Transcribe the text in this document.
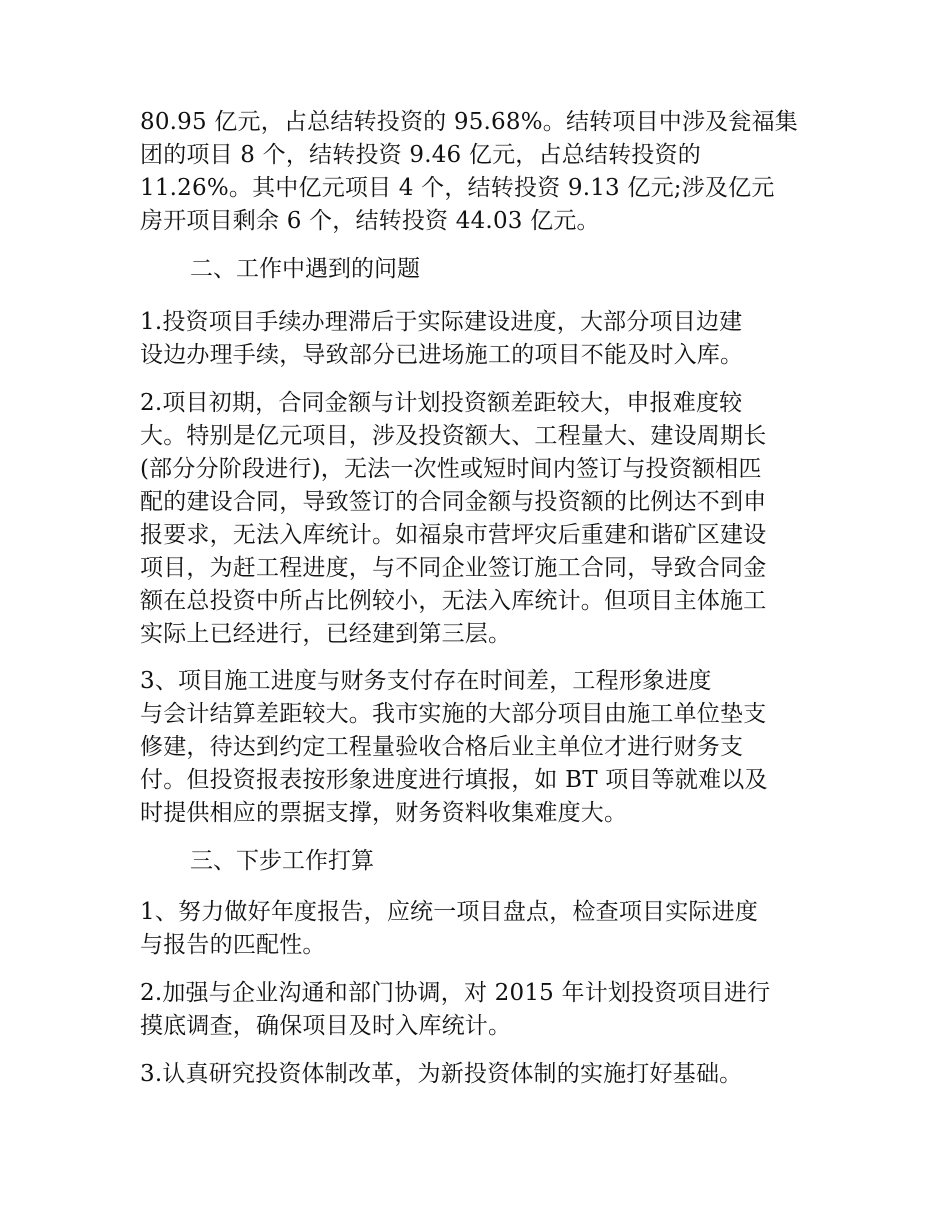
80.95 亿元，占总结转投资的 95.68%。结转项目中涉及瓮福集
团的项目 8 个，结转投资 9.46 亿元，占总结转投资的
11.26%。其中亿元项目 4 个，结转投资 9.13 亿元;涉及亿元
房开项目剩余 6 个，结转投资 44.03 亿元。
二、工作中遇到的问题
1.投资项目手续办理滞后于实际建设进度，大部分项目边建
设边办理手续，导致部分已进场施工的项目不能及时入库。
2.项目初期，合同金额与计划投资额差距较大，申报难度较
大。特别是亿元项目，涉及投资额大、工程量大、建设周期长
(部分分阶段进行)，无法一次性或短时间内签订与投资额相匹
配的建设合同，导致签订的合同金额与投资额的比例达不到申
报要求，无法入库统计。如福泉市营坪灾后重建和谐矿区建设
项目，为赶工程进度，与不同企业签订施工合同，导致合同金
额在总投资中所占比例较小，无法入库统计。但项目主体施工
实际上已经进行，已经建到第三层。
3、项目施工进度与财务支付存在时间差，工程形象进度
与会计结算差距较大。我市实施的大部分项目由施工单位垫支
修建，待达到约定工程量验收合格后业主单位才进行财务支
付。但投资报表按形象进度进行填报，如 BT 项目等就难以及
时提供相应的票据支撑，财务资料收集难度大。
三、下步工作打算
1、努力做好年度报告，应统一项目盘点，检查项目实际进度
与报告的匹配性。
2.加强与企业沟通和部门协调，对 2015 年计划投资项目进行
摸底调查，确保项目及时入库统计。
3.认真研究投资体制改革，为新投资体制的实施打好基础。
